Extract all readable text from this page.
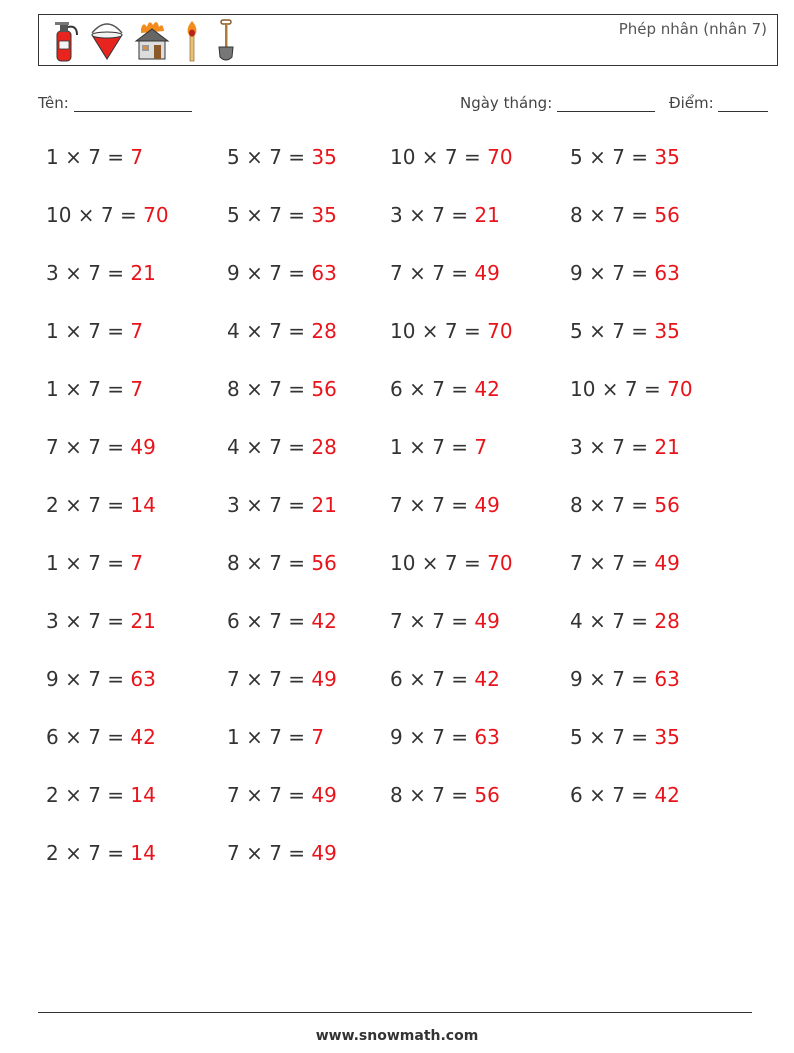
Phép nhân (nhân 7)
Tên:	Ngày tháng:	Điểm:
1 × 7 = 7	5 × 7 = 35	10 × 7 = 70	5 × 7 = 35
10 × 7 = 70	5 × 7 = 35	3 × 7 = 21	8 × 7 = 56
3 × 7 = 21	9 × 7 = 63	7 × 7 = 49	9 × 7 = 63
1 × 7 = 7	4 × 7 = 28	10 × 7 = 70	5 × 7 = 35
1 × 7 = 7	8 × 7 = 56	6 × 7 = 42	10 × 7 = 70
7 × 7 = 49	4 × 7 = 28	1 × 7 = 7	3 × 7 = 21
2 × 7 = 14	3 × 7 = 21	7 × 7 = 49	8 × 7 = 56
1 × 7 = 7	8 × 7 = 56	10 × 7 = 70	7 × 7 = 49
3 × 7 = 21	6 × 7 = 42	7 × 7 = 49	4 × 7 = 28
9 × 7 = 63	7 × 7 = 49	6 × 7 = 42	9 × 7 = 63
6 × 7 = 42	1 × 7 = 7	9 × 7 = 63	5 × 7 = 35
2 × 7 = 14	7 × 7 = 49	8 × 7 = 56	6 × 7 = 42
2 × 7 = 14	7 × 7 = 49
www.snowmath.com
